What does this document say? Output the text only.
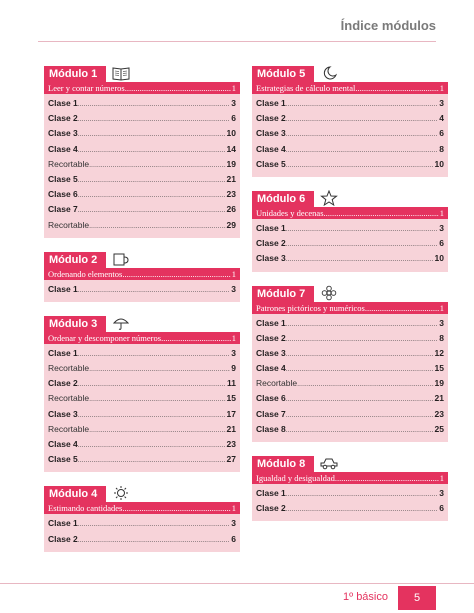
Índice módulos
Módulo 1
Leer y contar números .....	1
Clase 1 .....	3
Clase 2 .....	6
Clase 3 .....	10
Clase 4 .....	14
Recortable .....	19
Clase 5 .....	21
Clase 6 .....	23
Clase 7 .....	26
Recortable .....	29
Módulo 2
Ordenando elementos .....	1
Clase 1 .....	3
Módulo 3
Ordenar y descomponer números .....	1
Clase 1 .....	3
Recortable .....	9
Clase 2 .....	11
Recortable .....	15
Clase 3 .....	17
Recortable .....	21
Clase 4 .....	23
Clase 5 .....	27
Módulo 4
Estimando cantidades .....	1
Clase 1 .....	3
Clase 2 .....	6
Módulo 5
Estrategias de cálculo mental .....	1
Clase 1 .....	3
Clase 2 .....	4
Clase 3 .....	6
Clase 4 .....	8
Clase 5 .....	10
Módulo 6
Unidades y decenas .....	1
Clase 1 .....	3
Clase 2 .....	6
Clase 3 .....	10
Módulo 7
Patrones pictóricos y numéricos .....	1
Clase 1 .....	3
Clase 2 .....	8
Clase 3 .....	12
Clase 4 .....	15
Recortable .....	19
Clase 6 .....	21
Clase 7 .....	23
Clase 8 .....	25
Módulo 8
Igualdad y desigualdad .....	1
Clase 1 .....	3
Clase 2 .....	6
1º básico	5
